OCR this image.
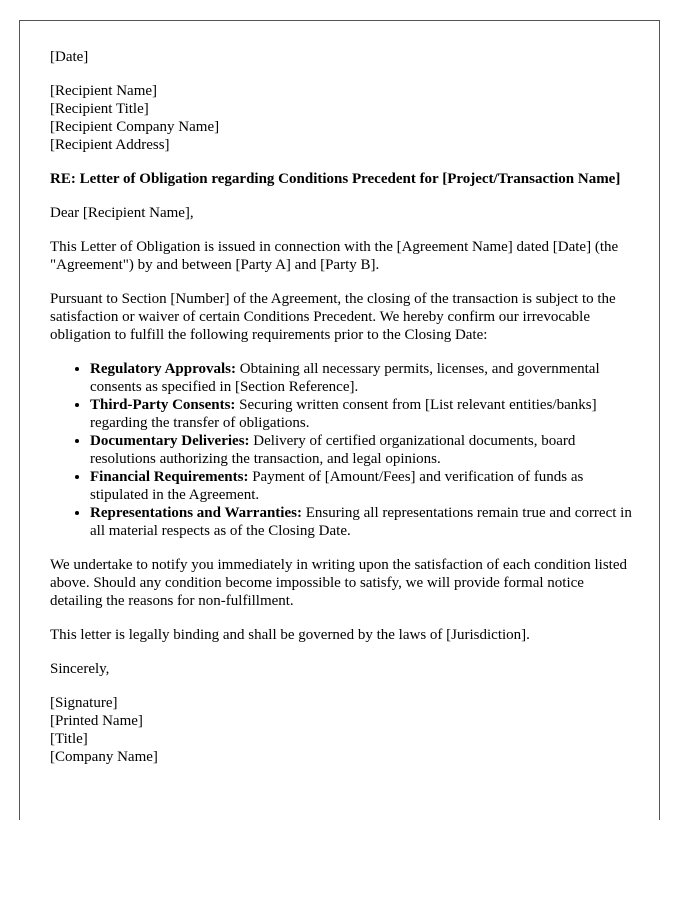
[Date]

[Recipient Name]

[Recipient Title]

[Recipient Company Name]

[Recipient Address]

RE: Letter of Obligation regarding Conditions Precedent for [Project/Transaction Name]

Dear [Recipient Name],

This Letter of Obligation is issued in connection with the [Agreement Name] dated [Date] (the "Agreement") by and between [Party A] and [Party B].

Pursuant to Section [Number] of the Agreement, the closing of the transaction is subject to the satisfaction or waiver of certain Conditions Precedent. We hereby confirm our irrevocable obligation to fulfill the following requirements prior to the Closing Date:

• Regulatory Approvals: Obtaining all necessary permits, licenses, and governmental consents as specified in [Section Reference].
• Third-Party Consents: Securing written consent from [List relevant entities/banks] regarding the transfer of obligations.
• Documentary Deliveries: Delivery of certified organizational documents, board resolutions authorizing the transaction, and legal opinions.
• Financial Requirements: Payment of [Amount/Fees] and verification of funds as stipulated in the Agreement.
• Representations and Warranties: Ensuring all representations remain true and correct in all material respects as of the Closing Date.

We undertake to notify you immediately in writing upon the satisfaction of each condition listed above. Should any condition become impossible to satisfy, we will provide formal notice detailing the reasons for non-fulfillment.

This letter is legally binding and shall be governed by the laws of [Jurisdiction].

Sincerely,

[Signature]

[Printed Name]

[Title]

[Company Name]
